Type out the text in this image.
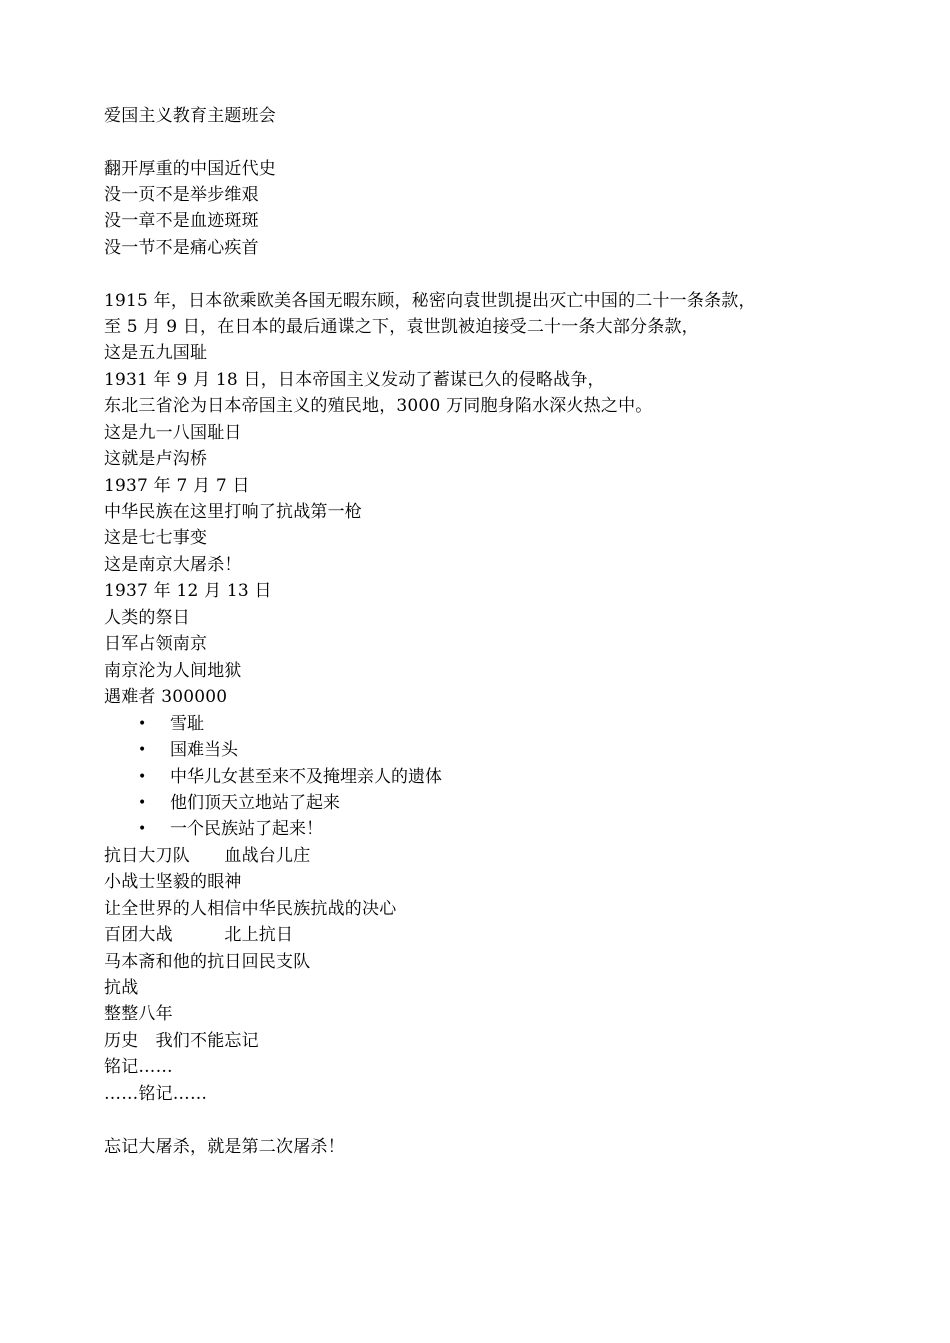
爱国主义教育主题班会
翻开厚重的中国近代史
没一页不是举步维艰
没一章不是血迹斑斑
没一节不是痛心疾首
1915 年，日本欲乘欧美各国无暇东顾，秘密向袁世凯提出灭亡中国的二十一条条款，
至 5 月 9 日，在日本的最后通谍之下，袁世凯被迫接受二十一条大部分条款，
这是五九国耻
1931 年 9 月 18 日，日本帝国主义发动了蓄谋已久的侵略战争，
东北三省沦为日本帝国主义的殖民地，3000 万同胞身陷水深火热之中。
这是九一八国耻日
这就是卢沟桥
1937 年 7 月 7 日
中华民族在这里打响了抗战第一枪
这是七七事变
这是南京大屠杀！
1937 年 12 月 13 日
人类的祭日
日军占领南京
南京沦为人间地狱
遇难者 300000
• 雪耻
• 国难当头
• 中华儿女甚至来不及掩埋亲人的遗体
• 他们顶天立地站了起来
• 一个民族站了起来！
抗日大刀队　　血战台儿庄
小战士坚毅的眼神
让全世界的人相信中华民族抗战的决心
百团大战　　　北上抗日
马本斋和他的抗日回民支队
抗战
整整八年
历史　我们不能忘记
铭记……
……铭记……
忘记大屠杀，就是第二次屠杀！
